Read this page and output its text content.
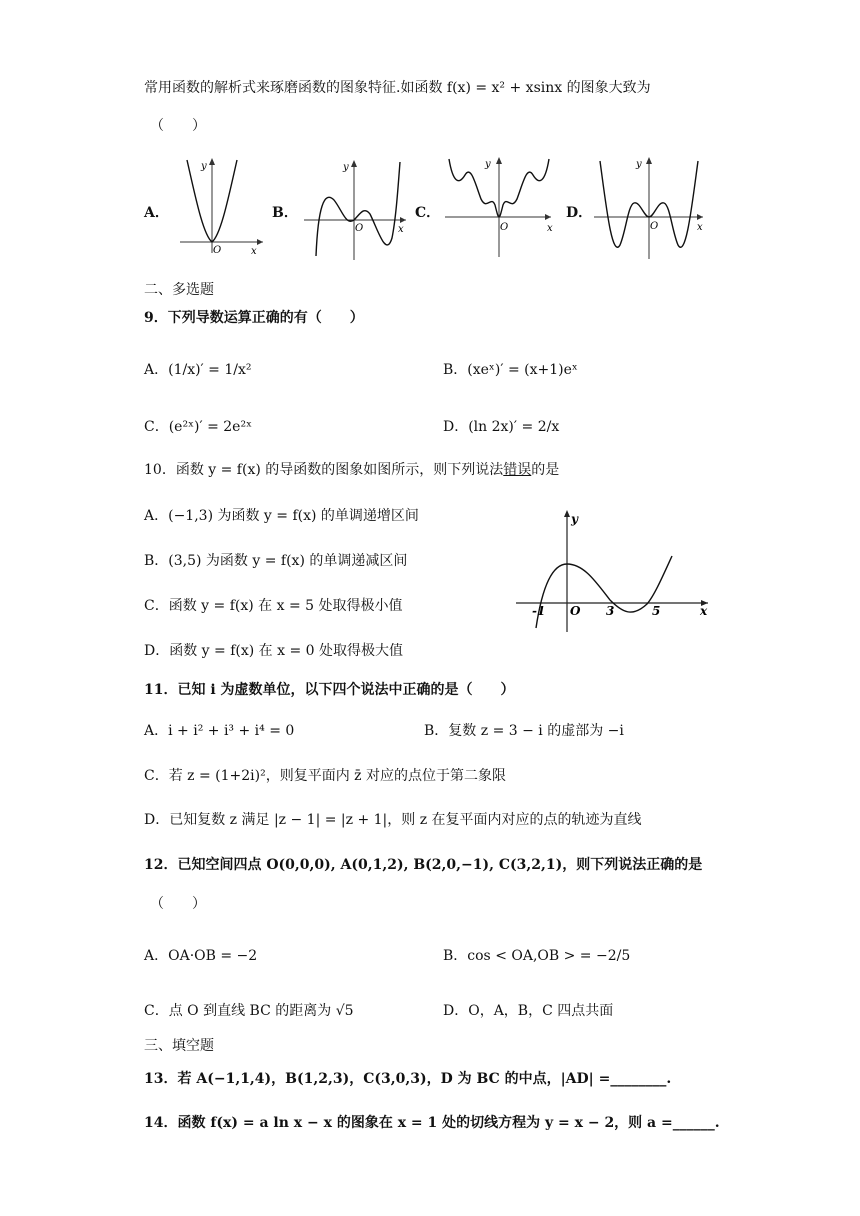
常用函数的解析式来琢磨函数的图象特征.如函数 f(x) = x² + xsinx 的图象大致为
（　　）
A．
y
O	x
B．
y
O	x
C．
y
O	x
D．
y
O	x
二、多选题
9．下列导数运算正确的有（　　）
A．(1/x)′ = 1/x²	B．(xeˣ)′ = (x+1)eˣ
C．(e²ˣ)′ = 2e²ˣ	D．(ln 2x)′ = 2/x
10．函数 y = f(x) 的导函数的图象如图所示，则下列说法错误的是
A．(−1,3) 为函数 y = f(x) 的单调递增区间
B．(3,5) 为函数 y = f(x) 的单调递减区间
C．函数 y = f(x) 在 x = 5 处取得极小值
D．函数 y = f(x) 在 x = 0 处取得极大值
y
-1 O 3	5	x
11．已知 i 为虚数单位，以下四个说法中正确的是（　　）
A．i + i² + i³ + i⁴ = 0	B．复数 z = 3 − i 的虚部为 −i
C．若 z = (1+2i)²，则复平面内 z̄ 对应的点位于第二象限
D．已知复数 z 满足 |z − 1| = |z + 1|，则 z 在复平面内对应的点的轨迹为直线
12．已知空间四点 O(0,0,0), A(0,1,2), B(2,0,−1), C(3,2,1)，则下列说法正确的是
（　　）
A．OA·OB = −2	B．cos < OA,OB > = −2/5
C．点 O 到直线 BC 的距离为 √5	D．O，A，B，C 四点共面
三、填空题
13．若 A(−1,1,4)，B(1,2,3)，C(3,0,3)，D 为 BC 的中点，|AD| =________.
14．函数 f(x) = a ln x − x 的图象在 x = 1 处的切线方程为 y = x − 2，则 a =______.
